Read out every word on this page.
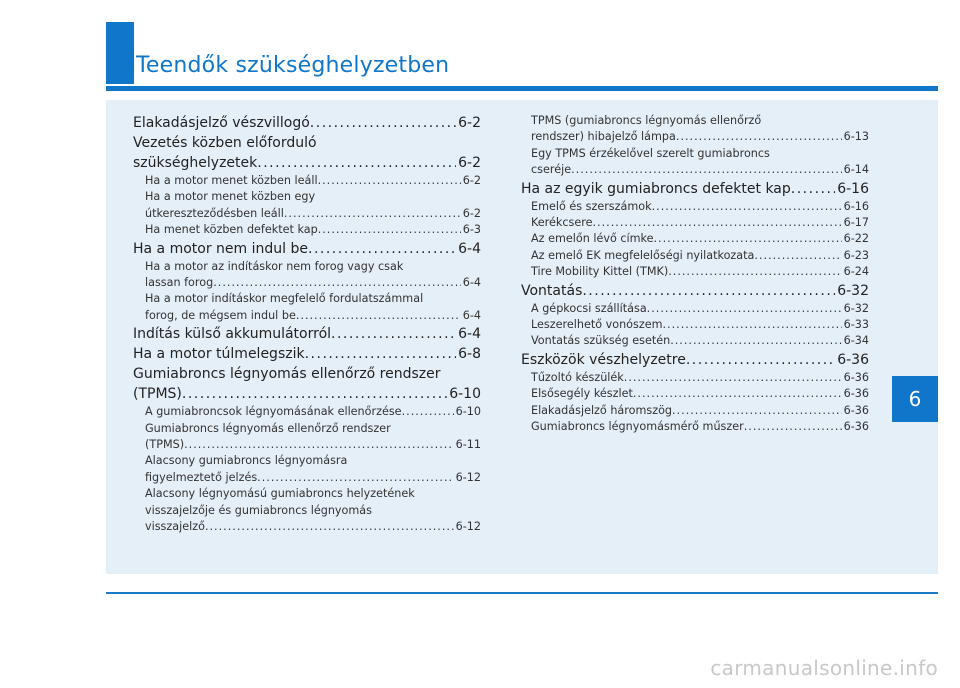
Teendők szükséghelyzetben
Elakadásjelző vészvillogó .....	6-2
Vezetés közben előforduló
szükséghelyzetek .....	6-2
Ha a motor menet közben leáll .....	6-2
Ha a motor menet közben egy
útkereszteződésben leáll .....	6-2
Ha menet közben defektet kap .....	6-3
Ha a motor nem indul be .....	6-4
Ha a motor az indításkor nem forog vagy csak
lassan forog .....	6-4
Ha a motor indításkor megfelelő fordulatszámmal
forog, de mégsem indul be .....	6-4
Indítás külső akkumulátorról .....	6-4
Ha a motor túlmelegszik .....	6-8
Gumiabroncs légnyomás ellenőrző rendszer
(TPMS) .....	6-10
A gumiabroncsok légnyomásának ellenőrzése .....	6-10
Gumiabroncs légnyomás ellenőrző rendszer
(TPMS) .....	6-11
Alacsony gumiabroncs légnyomásra
figyelmeztető jelzés .....	6-12
Alacsony légnyomású gumiabroncs helyzetének
visszajelzője és gumiabroncs légnyomás
visszajelző .....	6-12
TPMS (gumiabroncs légnyomás ellenőrző
rendszer) hibajelző lámpa .....	6-13
Egy TPMS érzékelővel szerelt gumiabroncs
cseréje .....	6-14
Ha az egyik gumiabroncs defektet kap .....	6-16
Emelő és szerszámok .....	6-16
Kerékcsere .....	6-17
Az emelőn lévő címke .....	6-22
Az emelő EK megfelelőségi nyilatkozata .....	6-23
Tire Mobility Kittel (TMK) .....	6-24
Vontatás .....	6-32
A gépkocsi szállítása .....	6-32
Leszerelhető vonószem .....	6-33
Vontatás szükség esetén .....	6-34
Eszközök vészhelyzetre .....	6-36
Tűzoltó készülék .....	6-36
Elsősegély készlet .....	6-36
Elakadásjelző háromszög .....	6-36
Gumiabroncs légnyomásmérő műszer .....	6-36
6
carmanualsonline.info
